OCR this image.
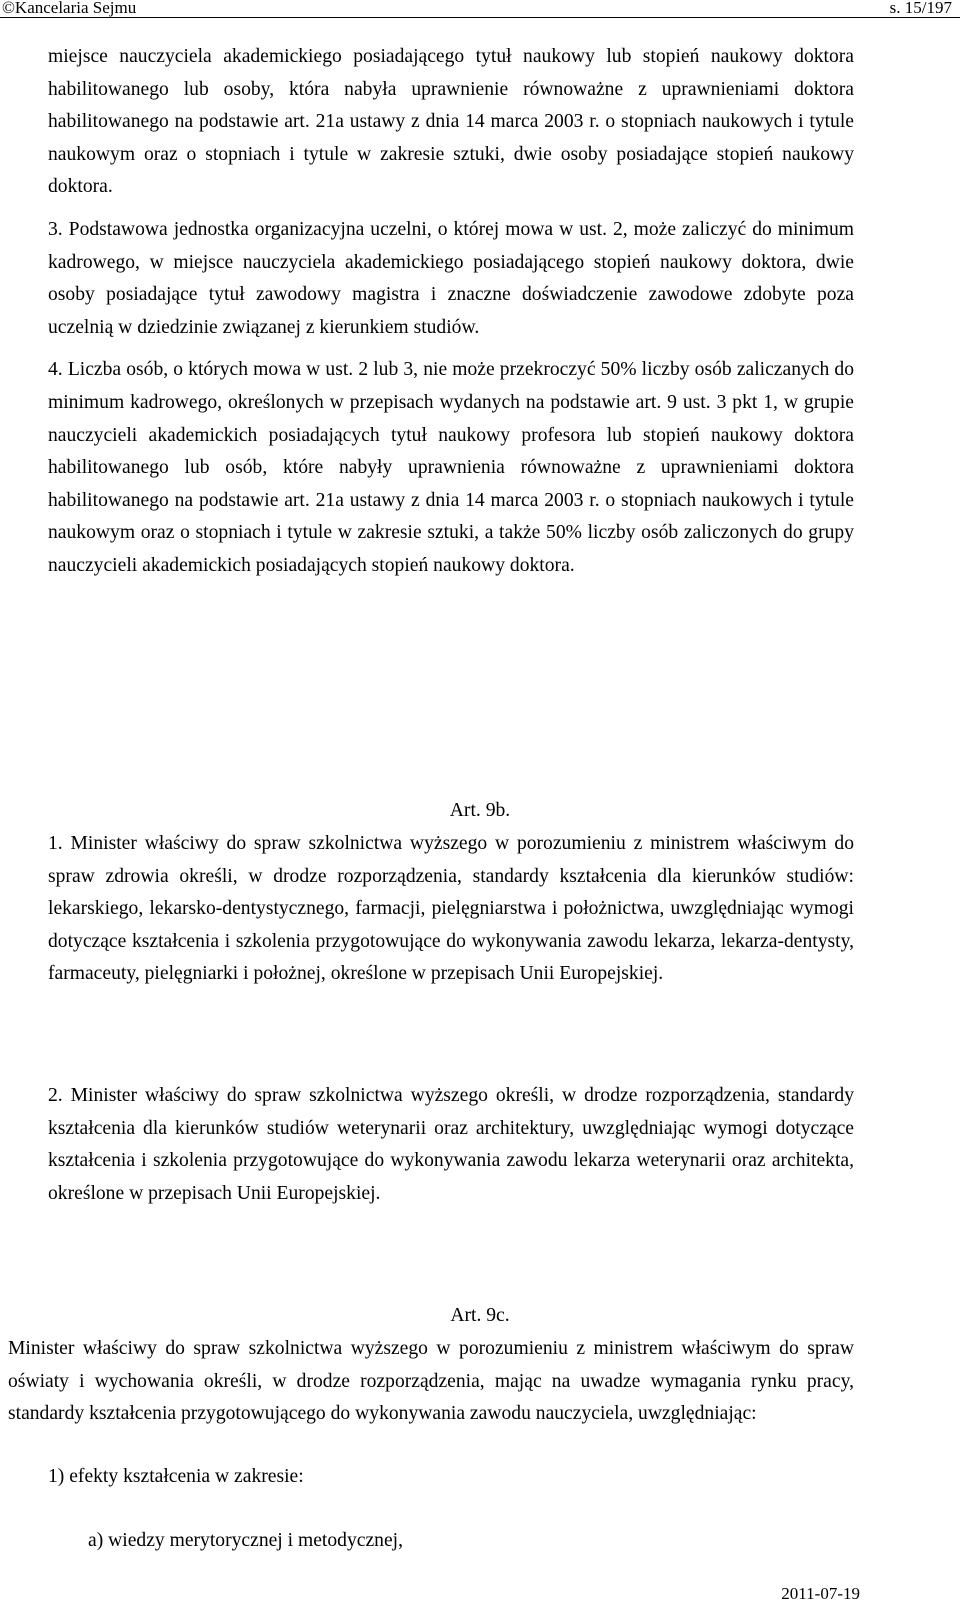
©Kancelaria Sejmu	s. 15/197

miejsce nauczyciela akademickiego posiadającego tytuł naukowy lub stopień naukowy doktora habilitowanego lub osoby, która nabyła uprawnienie równoważne z uprawnieniami doktora habilitowanego na podstawie art. 21a ustawy z dnia 14 marca 2003 r. o stopniach naukowych i tytule naukowym oraz o stopniach i tytule w zakresie sztuki, dwie osoby posiadające stopień naukowy doktora.

3. Podstawowa jednostka organizacyjna uczelni, o której mowa w ust. 2, może zaliczyć do minimum kadrowego, w miejsce nauczyciela akademickiego posiadającego stopień naukowy doktora, dwie osoby posiadające tytuł zawodowy magistra i znaczne doświadczenie zawodowe zdobyte poza uczelnią w dziedzinie związanej z kierunkiem studiów.

4. Liczba osób, o których mowa w ust. 2 lub 3, nie może przekroczyć 50% liczby osób zaliczanych do minimum kadrowego, określonych w przepisach wydanych na podstawie art. 9 ust. 3 pkt 1, w grupie nauczycieli akademickich posiadających tytuł naukowy profesora lub stopień naukowy doktora habilitowanego lub osób, które nabyły uprawnienia równoważne z uprawnieniami doktora habilitowanego na podstawie art. 21a ustawy z dnia 14 marca 2003 r. o stopniach naukowych i tytule naukowym oraz o stopniach i tytule w zakresie sztuki, a także 50% liczby osób zaliczonych do grupy nauczycieli akademickich posiadających stopień naukowy doktora.

Art. 9b.
1. Minister właściwy do spraw szkolnictwa wyższego w porozumieniu z ministrem właściwym do spraw zdrowia określi, w drodze rozporządzenia, standardy kształcenia dla kierunków studiów: lekarskiego, lekarsko-dentystycznego, farmacji, pielęgniarstwa i położnictwa, uwzględniając wymogi dotyczące kształcenia i szkolenia przygotowujące do wykonywania zawodu lekarza, lekarza-dentysty, farmaceuty, pielęgniarki i położnej, określone w przepisach Unii Europejskiej.
2. Minister właściwy do spraw szkolnictwa wyższego określi, w drodze rozporządzenia, standardy kształcenia dla kierunków studiów weterynarii oraz architektury, uwzględniając wymogi dotyczące kształcenia i szkolenia przygotowujące do wykonywania zawodu lekarza weterynarii oraz architekta, określone w przepisach Unii Europejskiej.
Art. 9c.
Minister właściwy do spraw szkolnictwa wyższego w porozumieniu z ministrem właściwym do spraw oświaty i wychowania określi, w drodze rozporządzenia, mając na uwadze wymagania rynku pracy, standardy kształcenia przygotowującego do wykonywania zawodu nauczyciela, uwzględniając:
1) efekty kształcenia w zakresie:
a) wiedzy merytorycznej i metodycznej,
2011-07-19
